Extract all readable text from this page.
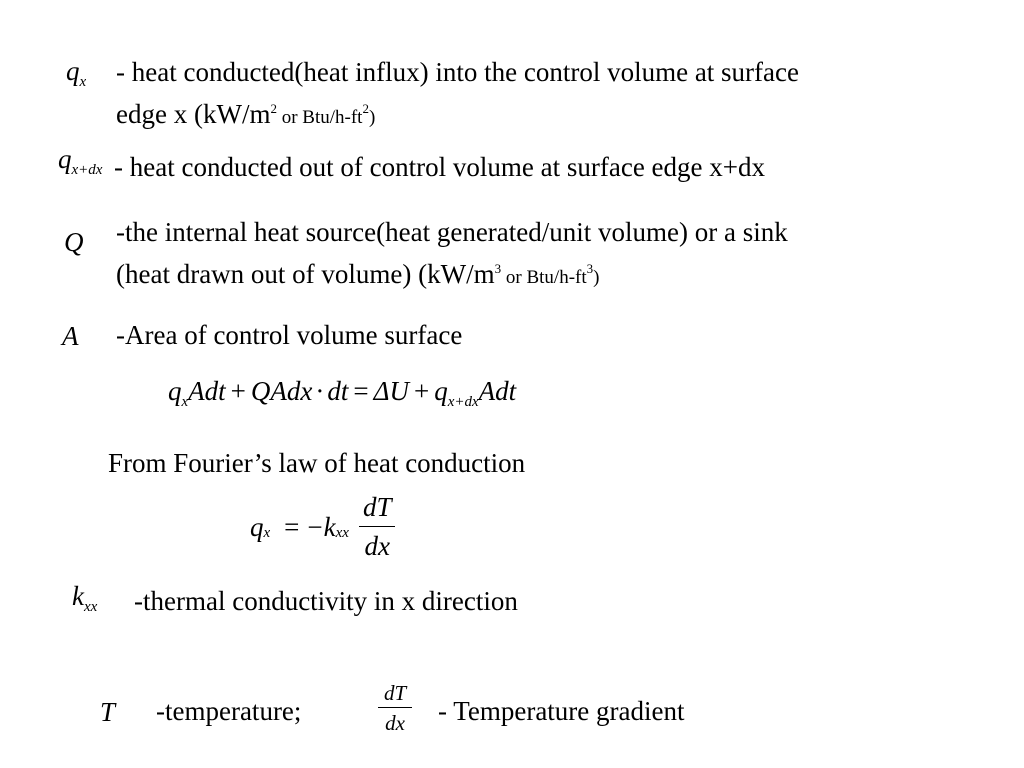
$q_x$ - heat conducted(heat influx) into the control volume at surface
edge x ($kW/m^2$ or Btu/$h-ft^2$)
$q_{x+dx}$ - heat conducted out of control volume at surface edge x+dx
Q -the internal heat source(heat generated/unit volume) or a sink
(heat drawn out of volume) ($kW/m^3$ or Btu/$h-ft^3$)
A -Area of control volume surface
$q_xAdt$ + QAdx · dt = $\Delta U + q_{x+dx}Adt$
From Fourier’s law of heat conduction
q x = − k xx $\frac{dT}{dx}$
$k_{xx}$ -thermal conductivity in x direction
T -temperature;	$\frac{dT}{dx}$ - Temperature gradient
